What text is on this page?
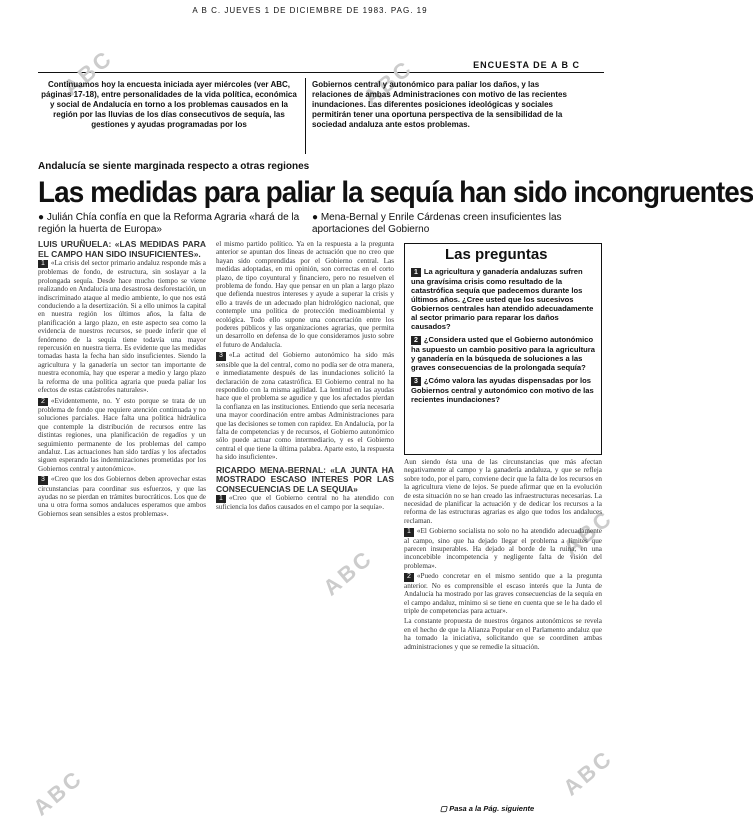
A B C. JUEVES 1 DE DICIEMBRE DE 1983. PAG. 19
ENCUESTA DE A B C
ABC	ABC
ABC
ABC
ABC	ABC
Continuamos hoy la encuesta iniciada ayer miércoles (ver ABC, páginas 17-18), entre personalidades de la vida política, económica y social de Andalucía en torno a los problemas causados en la región por las lluvias de los días consecutivos de sequía, las gestiones y ayudas programadas por los
Gobiernos central y autonómico para paliar los daños, y las relaciones de ambas Administraciones con motivo de las recientes inundaciones. Las diferentes posiciones ideológicas y sociales permitirán tener una oportuna perspectiva de la sensibilidad de la sociedad andaluza ante estos problemas.
Andalucía se siente marginada respecto a otras regiones
Las medidas para paliar la sequía han sido incongruentes
● Julián Chía confía en que la Reforma Agraria «hará de la región la huerta de Europa»
● Mena-Bernal y Enrile Cárdenas creen insuficientes las aportaciones del Gobierno
LUIS URUÑUELA: «LAS MEDIDAS PARA EL CAMPO HAN SIDO INSUFICIENTES».

1 «La crisis del sector primario andaluz responde más a problemas de fondo, de estructura, sin soslayar a la prolongada sequía. Desde hace mucho tiempo se viene realizando en Andalucía una desastrosa desforestación, un indiscriminado ataque al medio ambiente, lo que nos está conduciendo a la desertización. Si a ello unimos la capital en nuestra región los últimos años, la falta de planificación a largo plazo, en este aspecto sea como la evidencia de nuestros recursos, se puede inferir que el fenómeno de la sequía tiene todavía una mayor repercusión en nuestra tierra. Es evidente que las medidas tomadas hasta la fecha han sido insuficientes. Siendo la agricultura y la ganadería un sector tan importante de nuestra economía, hay que esperar a medio y largo plazo la reforma de una política agraria que pueda paliar los efectos de estas catástrofes naturales».

2 «Evidentemente, no. Y esto porque se trata de un problema de fondo que requiere atención continuada y no soluciones parciales. Hace falta una política hidráulica que contemple la distribución de recursos entre las distintas regiones, una planificación de regadíos y un seguimiento permanente de los problemas del campo andaluz. Las actuaciones han sido tardías y los afectados siguen esperando las indemnizaciones prometidas por los Gobiernos central y autonómico».

3 «Creo que los dos Gobiernos deben aprovechar estas circunstancias para coordinar sus esfuerzos, y que las ayudas no se pierdan en trámites burocráticos. Los que de una u otra forma somos andaluces esperamos que ambos Gobiernos sean sensibles a estos problemas».

el mismo partido político. Ya en la respuesta a la pregunta anterior se apuntan dos líneas de actuación que no creo que hayan sido comprendidas por el Gobierno central. Las medidas adoptadas, en mi opinión, son correctas en el corto plazo, de tipo coyuntural y financiero, pero no resuelven el problema de fondo. Hay que pensar en un plan a largo plazo que defienda nuestros intereses y ayude a superar la crisis y ello a través de un adecuado plan hidrológico nacional, que contemple una política de protección medioambiental y ecológica. Todo ello supone una concertación entre los poderes públicos y las organizaciones agrarias, que permita un desarrollo en defensa de lo que consideramos justo sobre el futuro de Andalucía.

3 «La actitud del Gobierno autonómico ha sido más sensible que la del central, como no podía ser de otra manera, e inmediatamente después de las inundaciones solicitó la declaración de zona catastrófica. El Gobierno central no ha respondido con la misma agilidad. La lentitud en las ayudas hace que el problema se agudice y que los afectados pierdan la confianza en las instituciones. Entiendo que sería necesaria una mayor coordinación entre ambas Administraciones para que las decisiones se tomen con rapidez. En Andalucía, por la falta de competencias y de recursos, el Gobierno autonómico sólo puede actuar como intermediario, y es el Gobierno central el que tiene la última palabra. Aparte esto, la respuesta ha sido insuficiente».

RICARDO MENA-BERNAL: «LA JUNTA HA MOSTRADO ESCASO INTERES POR LAS CONSECUENCIAS DE LA SEQUIA»

1 «Creo que el Gobierno central no ha atendido con suficiencia los daños causados en el campo por la sequía».

Las preguntas
1 La agricultura y ganadería andaluzas sufren una gravísima crisis como resultado de la catastrófica sequía que padecemos durante los últimos años. ¿Cree usted que los sucesivos Gobiernos centrales han atendido adecuadamente al sector primario para reparar los daños causados?
2 ¿Considera usted que el Gobierno autonómico ha supuesto un cambio positivo para la agricultura y ganadería en la búsqueda de soluciones a las graves consecuencias de la prolongada sequía?
3 ¿Cómo valora las ayudas dispensadas por los Gobiernos central y autonómico con motivo de las recientes inundaciones?

Aun siendo ésta una de las circunstancias que más afectan negativamente al campo y la ganadería andaluza, y que se refleja sobre todo, por el paro, conviene decir que la falta de los recursos en la agricultura viene de lejos. Se puede afirmar que en la evolución de esta situación no se han creado las infraestructuras necesarias. La necesidad de planificar la actuación y de dedicar los recursos a la reforma de las estructuras agrarias es algo que todos los andaluces reclaman.

1 «El Gobierno socialista no solo no ha atendido adecuadamente al campo, sino que ha dejado llegar el problema a límites que parecen insuperables. Ha dejado al borde de la ruina, en una inconcebible incompetencia y negligente falta de visión del problema».

2 «Puedo concretar en el mismo sentido que a la pregunta anterior. No es comprensible el escaso interés que la Junta de Andalucía ha mostrado por las graves consecuencias de la sequía en el campo andaluz, mínimo si se tiene en cuenta que se le ha dado el triple de competencias para actuar».

La constante propuesta de nuestros órganos autonómicos se revela en el hecho de que la Alianza Popular en el Parlamento andaluz que ha tomado la iniciativa, solicitando que se coordinen ambas administraciones y que se remedie la situación.

▢ Pasa a la Pág. siguiente
